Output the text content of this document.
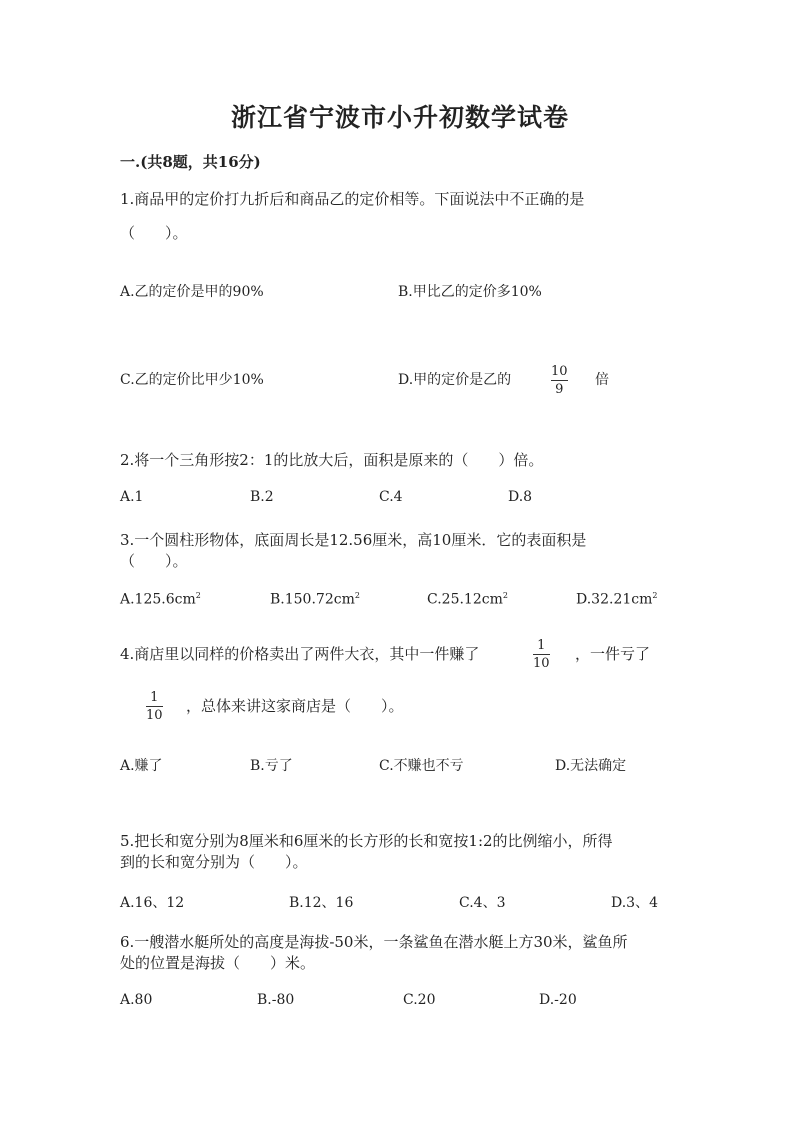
浙江省宁波市小升初数学试卷
一.(共8题，共16分)
1.商品甲的定价打九折后和商品乙的定价相等。下面说法中不正确的是
（　　）。
A.乙的定价是甲的90%	B.甲比乙的定价多10%
C.乙的定价比甲少10%	D.甲的定价是乙的
10
9
倍
2.将一个三角形按2：1的比放大后，面积是原来的（　　）倍。
A.1	B.2	C.4	D.8
3.一个圆柱形物体，底面周长是12.56厘米，高10厘米．它的表面积是
（　　）。
$A.125.6cm^2$	$B.150.72cm^2$	$C.25.12cm^2$	$D.32.21cm^2$
4.商店里以同样的价格卖出了两件大衣，其中一件赚了	1
10
，一件亏了
1
10
，总体来讲这家商店是（　　）。
A.赚了	B.亏了	C.不赚也不亏	D.无法确定
5.把长和宽分别为8厘米和6厘米的长方形的长和宽按1:2的比例缩小，所得
到的长和宽分别为（　　）。
A.16、12	B.12、16	C.4、3	D.3、4
6.一艘潜水艇所处的高度是海拔-50米，一条鲨鱼在潜水艇上方30米，鲨鱼所
处的位置是海拔（　　）米。
A.80	B.-80	C.20	D.-20
